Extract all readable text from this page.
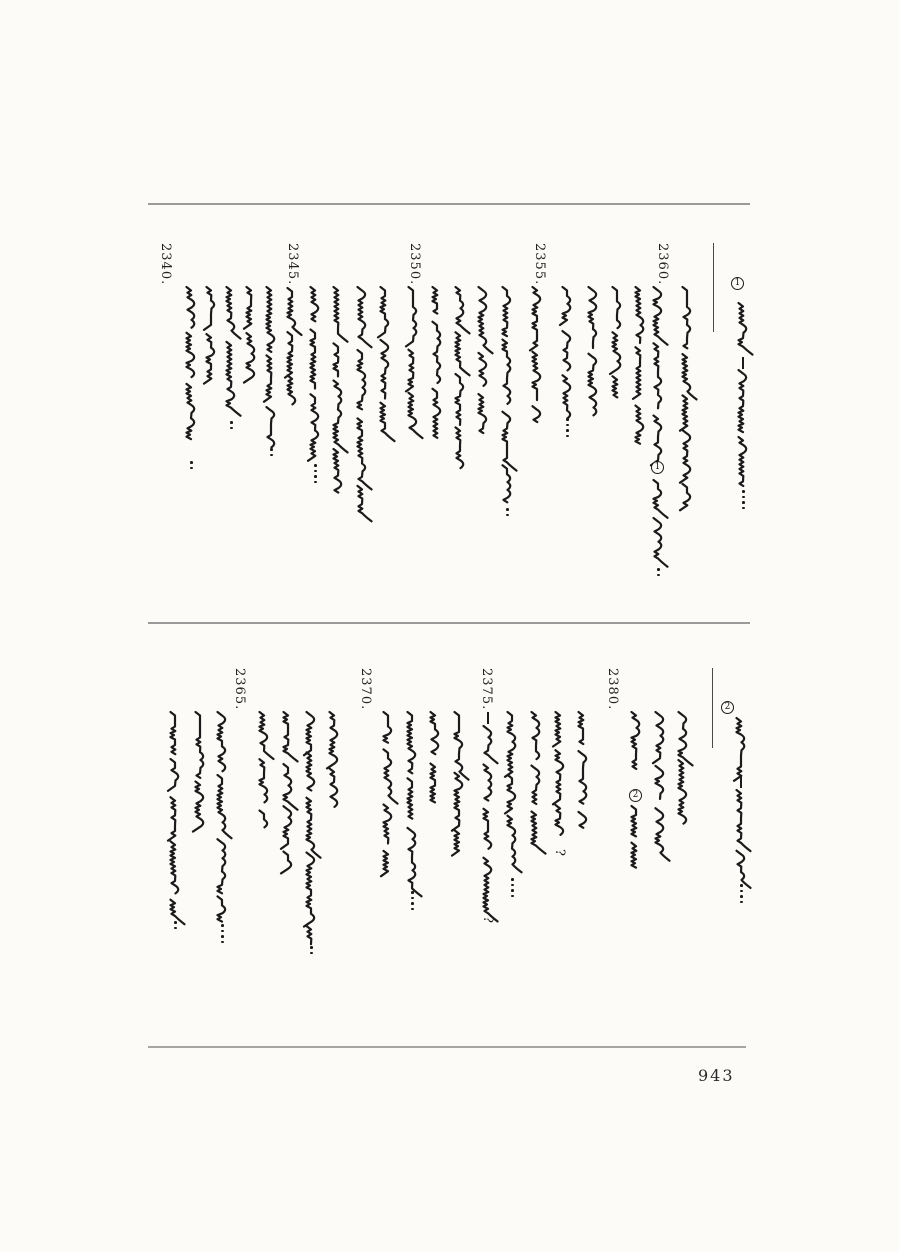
943
2340.	2345.	2350.	2355.	2360.
1
1
2365.	2370.	2375.
?
?
2380.
2
2
